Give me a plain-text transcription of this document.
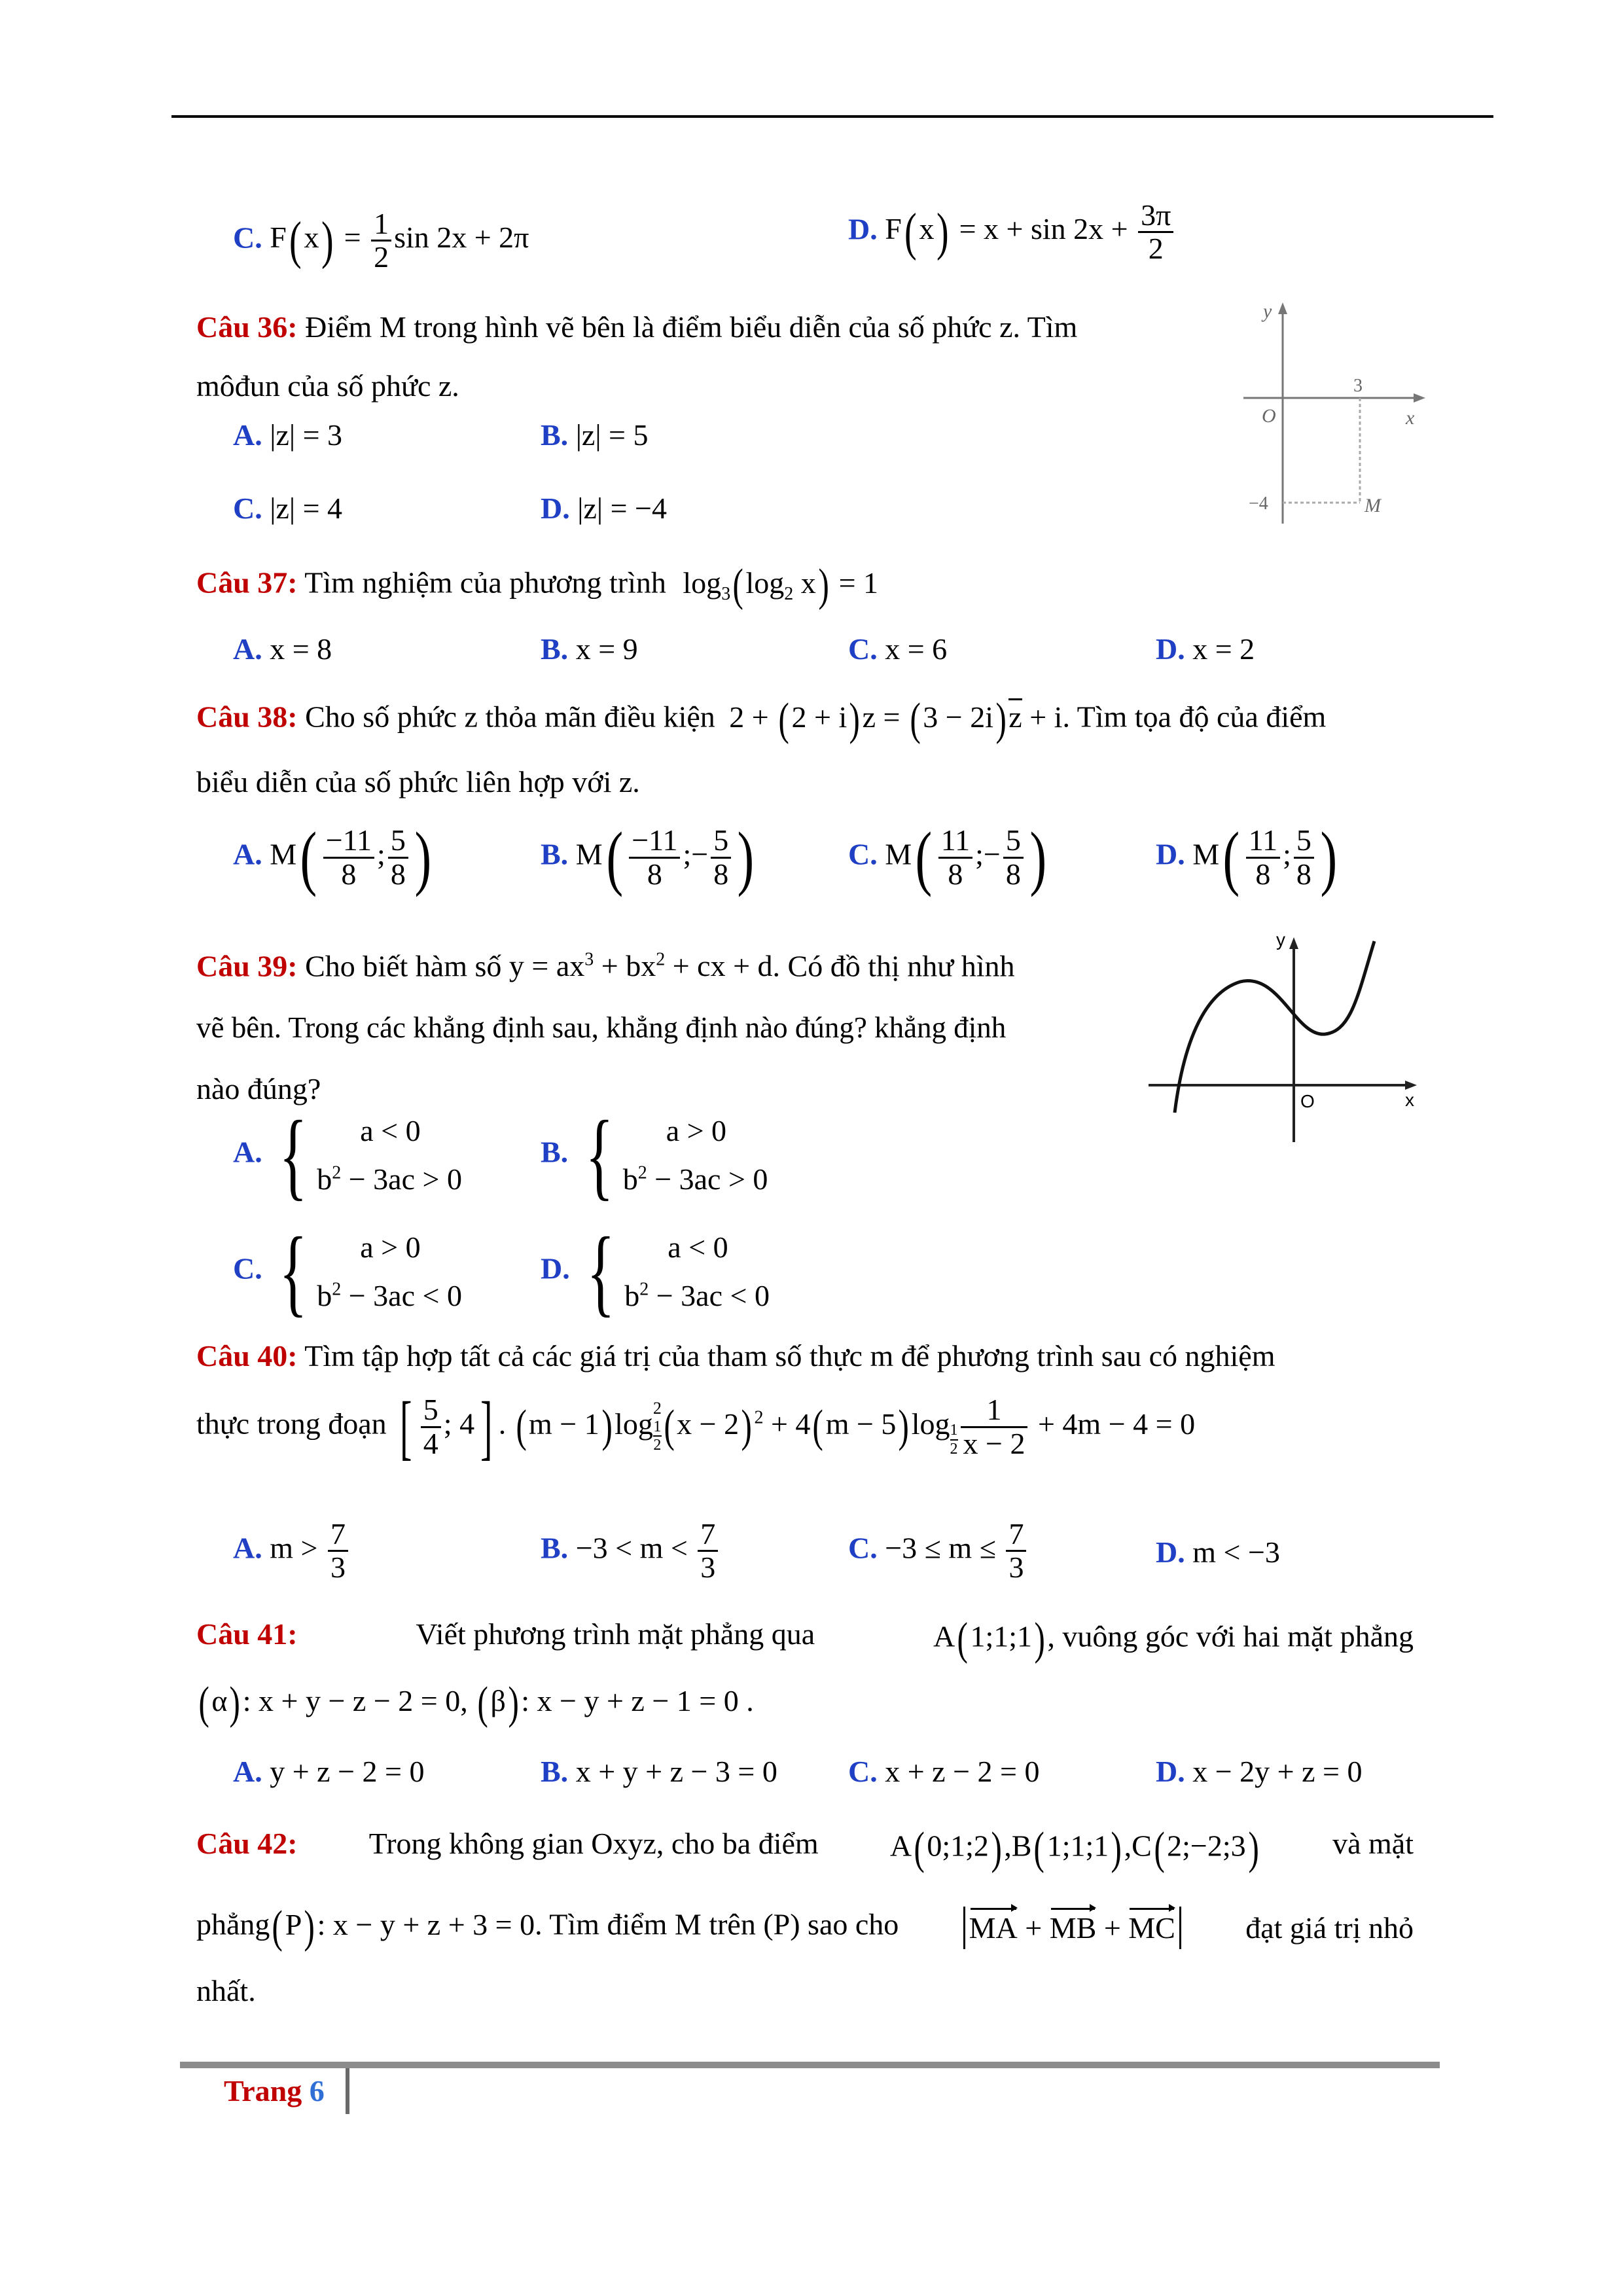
C. $F(x) = \frac{1}{2}$ sin 2x + 2π	D. $F(x) = x + \sin 2x + \frac{3\pi}{2}$
Câu 36: Điểm M trong hình vẽ bên là điểm biểu diễn của số phức z. Tìm
môđun của số phức z.
A. |z| = 3	B. |z| = 5
C. |z| = 4	D. |z| = −4
y
x
O
3
−4	M
Câu 37: Tìm nghiệm của phương trình $\log_3(\log_2$ x) = 1
A. x = 8	B. x = 9	C. x = 6	D. x = 2
Câu 38: Cho số phức z thỏa mãn điều kiện 2 + (2 + i)z = (3 − 2i)z + i. Tìm tọa độ của điểm
biểu diễn của số phức liên hợp với z.
A. $M( \frac{-11}{8}$ ; $\frac{5}{8}$ )	B. $M( \frac{-11}{8}$ ;− $\frac{5}{8}$ )	C. $M( \frac{11}{8}$ ;− $\frac{5}{8}$ )	D. $M( \frac{11}{8}$ ; $\frac{5}{8}$ )
Câu 39: Cho biết hàm số $y = ax^3 + bx^2$ + cx + d. Có đồ thị như hình
vẽ bên. Trong các khẳng định sau, khẳng định nào đúng? khẳng định
nào đúng?
y
x
O
A. {	a < 0
$b^2 - 3ac > 0$
B. {	a > 0
$b^2 - 3ac > 0$
C. {	a > 0
$b^2 - 3ac < 0$
D. {	a < 0
$b^2 - 3ac < 0$
Câu 40: Tìm tập hợp tất cả các giá trị của tham số thực m để phương trình sau có nghiệm
thực trong đoạn [ $\frac{5}{4}$ ; 4] . (m − 1)log 2
1
2 (x − 2) $^2 + 4(m - 5)\log \frac{1}{2} \frac{1}{x - 2} + 4m - 4 = 0$
A. $m > \frac{7}{3}$	B. $-3 < m < \frac{7}{3}$	C. $-3 \le m \le \frac{7}{3}$	D. m < −3
Câu 41:	Viết phương trình mặt phẳng qua	A(1;1;1), vuông góc với hai mặt phẳng
(α): x + y − z − 2 = 0, (β): x − y + z − 1 = 0 .
A. y + z − 2 = 0	B. x + y + z − 3 = 0 C. x + z − 2 = 0	D. x − 2y + z = 0
Câu 42: Trong không gian Oxyz, cho ba điểm A(0;1;2),B(1;1;1),C(2;−2;3) và mặt
phẳng(P): x − y + z + 3 = 0. Tìm điểm M trên (P) sao cho MA + MB + MC đạt giá trị nhỏ
nhất.
Trang 6
